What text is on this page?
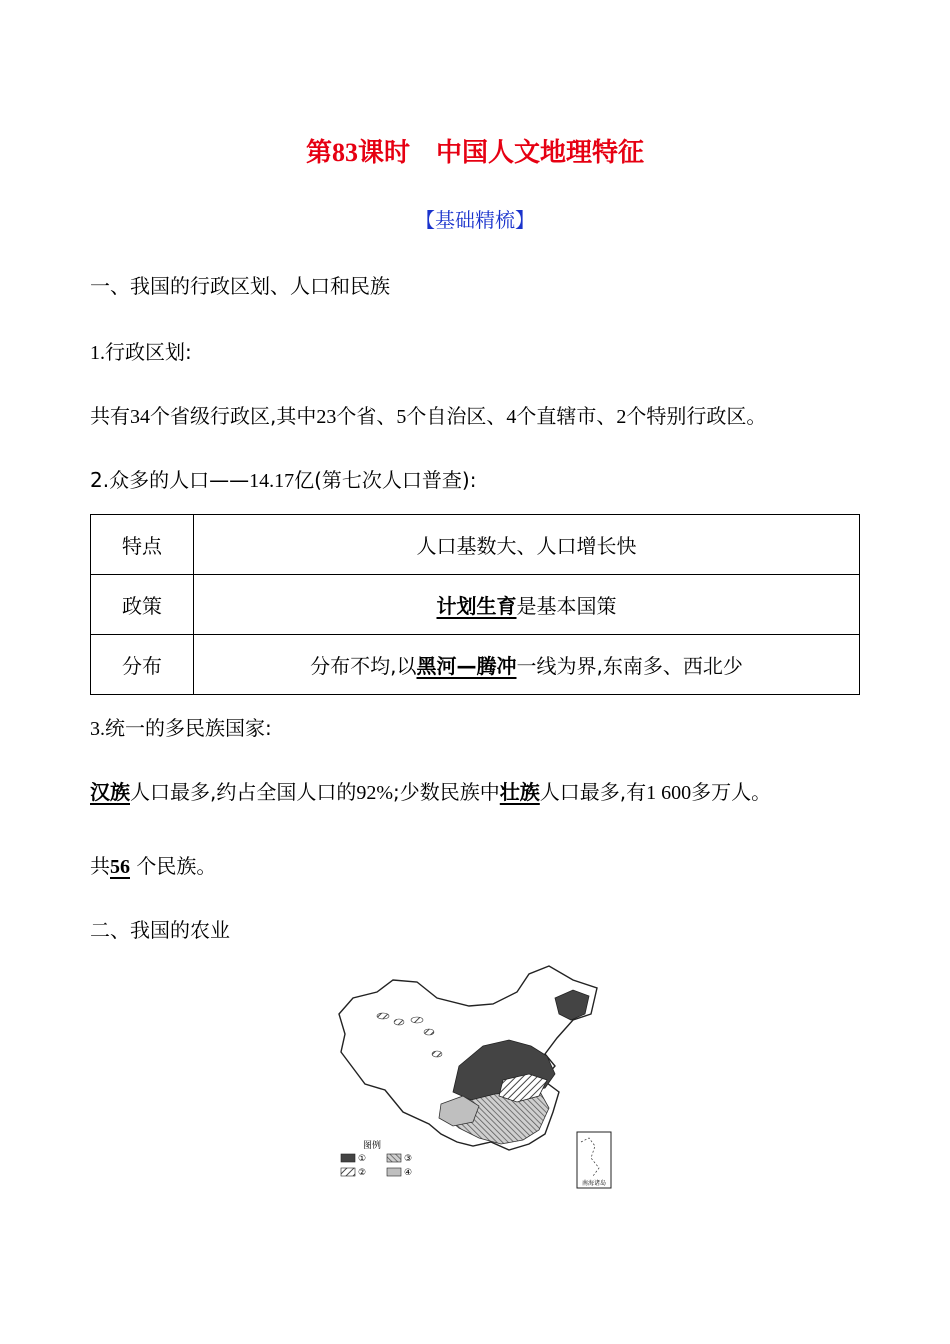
第83课时　 中国人文地理特征
【基础精梳】
一、我国的行政区划、人口和民族
1.行政区划:
共有34个省级行政区,其中23个省、5个自治区、4个直辖市、2个特别行政区。
2.众多的人口——14.17亿(第七次人口普查):
特点	人口基数大、人口增长快
政策	计划生育是基本国策
分布	分布不均,以黑河—腾冲一线为界,东南多、西北少
3.统一的多民族国家:
汉族人口最多,约占全国人口的92%;少数民族中壮族人口最多,有1 600多万人。
共56 个民族。
二、我国的农业
图例
①	③
②	④
南海诸岛
